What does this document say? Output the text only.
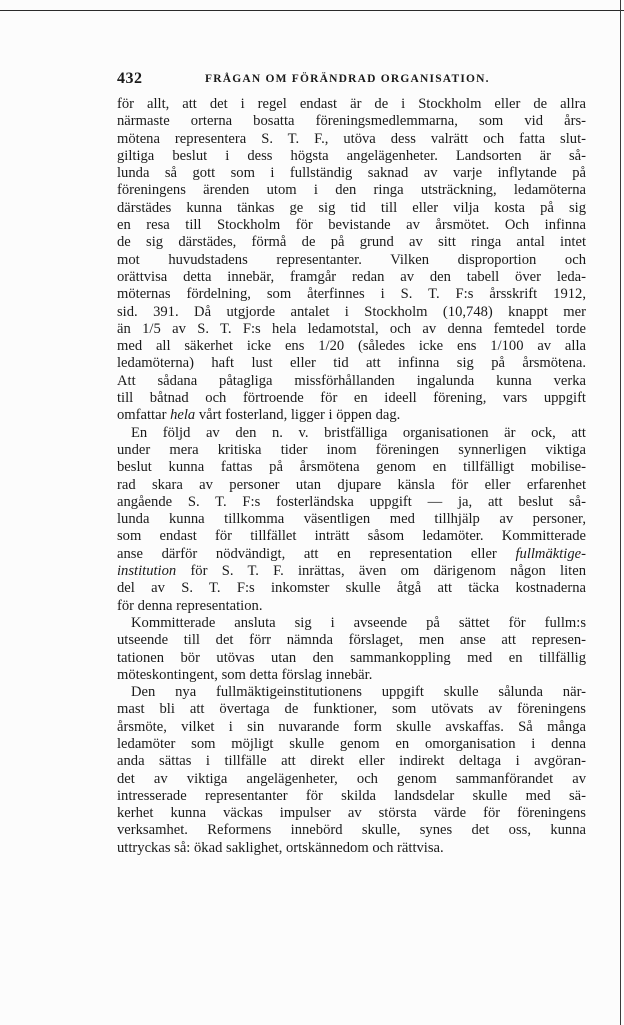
432	FRÅGAN OM FÖRÄNDRAD ORGANISATION.

för allt, att det i regel endast är de i Stockholm eller de allra
närmaste orterna bosatta föreningsmedlemmarna, som vid års-
mötena representera S. T. F., utöva dess valrätt och fatta slut-
giltiga beslut i dess högsta angelägenheter. Landsorten är så-
lunda så gott som i fullständig saknad av varje inflytande på
föreningens ärenden utom i den ringa utsträckning, ledamöterna
därstädes kunna tänkas ge sig tid till eller vilja kosta på sig
en resa till Stockholm för bevistande av årsmötet. Och infinna
de sig därstädes, förmå de på grund av sitt ringa antal intet
mot huvudstadens representanter. Vilken disproportion och
orättvisa detta innebär, framgår redan av den tabell över leda-
möternas fördelning, som återfinnes i S. T. F:s årsskrift 1912,
sid. 391. Då utgjorde antalet i Stockholm (10,748) knappt mer
än 1/5 av S. T. F:s hela ledamotstal, och av denna femtedel torde
med all säkerhet icke ens 1/20 (således icke ens 1/100 av alla
ledamöterna) haft lust eller tid att infinna sig på årsmötena.
Att sådana påtagliga missförhållanden ingalunda kunna verka
till båtnad och förtroende för en ideell förening, vars uppgift
omfattar hela vårt fosterland, ligger i öppen dag.

En följd av den n. v. bristfälliga organisationen är ock, att
under mera kritiska tider inom föreningen synnerligen viktiga
beslut kunna fattas på årsmötena genom en tillfälligt mobilise-
rad skara av personer utan djupare känsla för eller erfarenhet
angående S. T. F:s fosterländska uppgift — ja, att beslut så-
lunda kunna tillkomma väsentligen med tillhjälp av personer,
som endast för tillfället inträtt såsom ledamöter. Kommitterade
anse därför nödvändigt, att en representation eller fullmäktige-
institution för S. T. F. inrättas, även om därigenom någon liten
del av S. T. F:s inkomster skulle åtgå att täcka kostnaderna
för denna representation.

Kommitterade ansluta sig i avseende på sättet för fullm:s
utseende till det förr nämnda förslaget, men anse att represen-
tationen bör utövas utan den sammankoppling med en tillfällig
möteskontingent, som detta förslag innebär.

Den nya fullmäktigeinstitutionens uppgift skulle sålunda när-
mast bli att övertaga de funktioner, som utövats av föreningens
årsmöte, vilket i sin nuvarande form skulle avskaffas. Så många
ledamöter som möjligt skulle genom en omorganisation i denna
anda sättas i tillfälle att direkt eller indirekt deltaga i avgöran-
det av viktiga angelägenheter, och genom sammanförandet av
intresserade representanter för skilda landsdelar skulle med sä-
kerhet kunna väckas impulser av största värde för föreningens
verksamhet. Reformens innebörd skulle, synes det oss, kunna
uttryckas så: ökad saklighet, ortskännedom och rättvisa.
